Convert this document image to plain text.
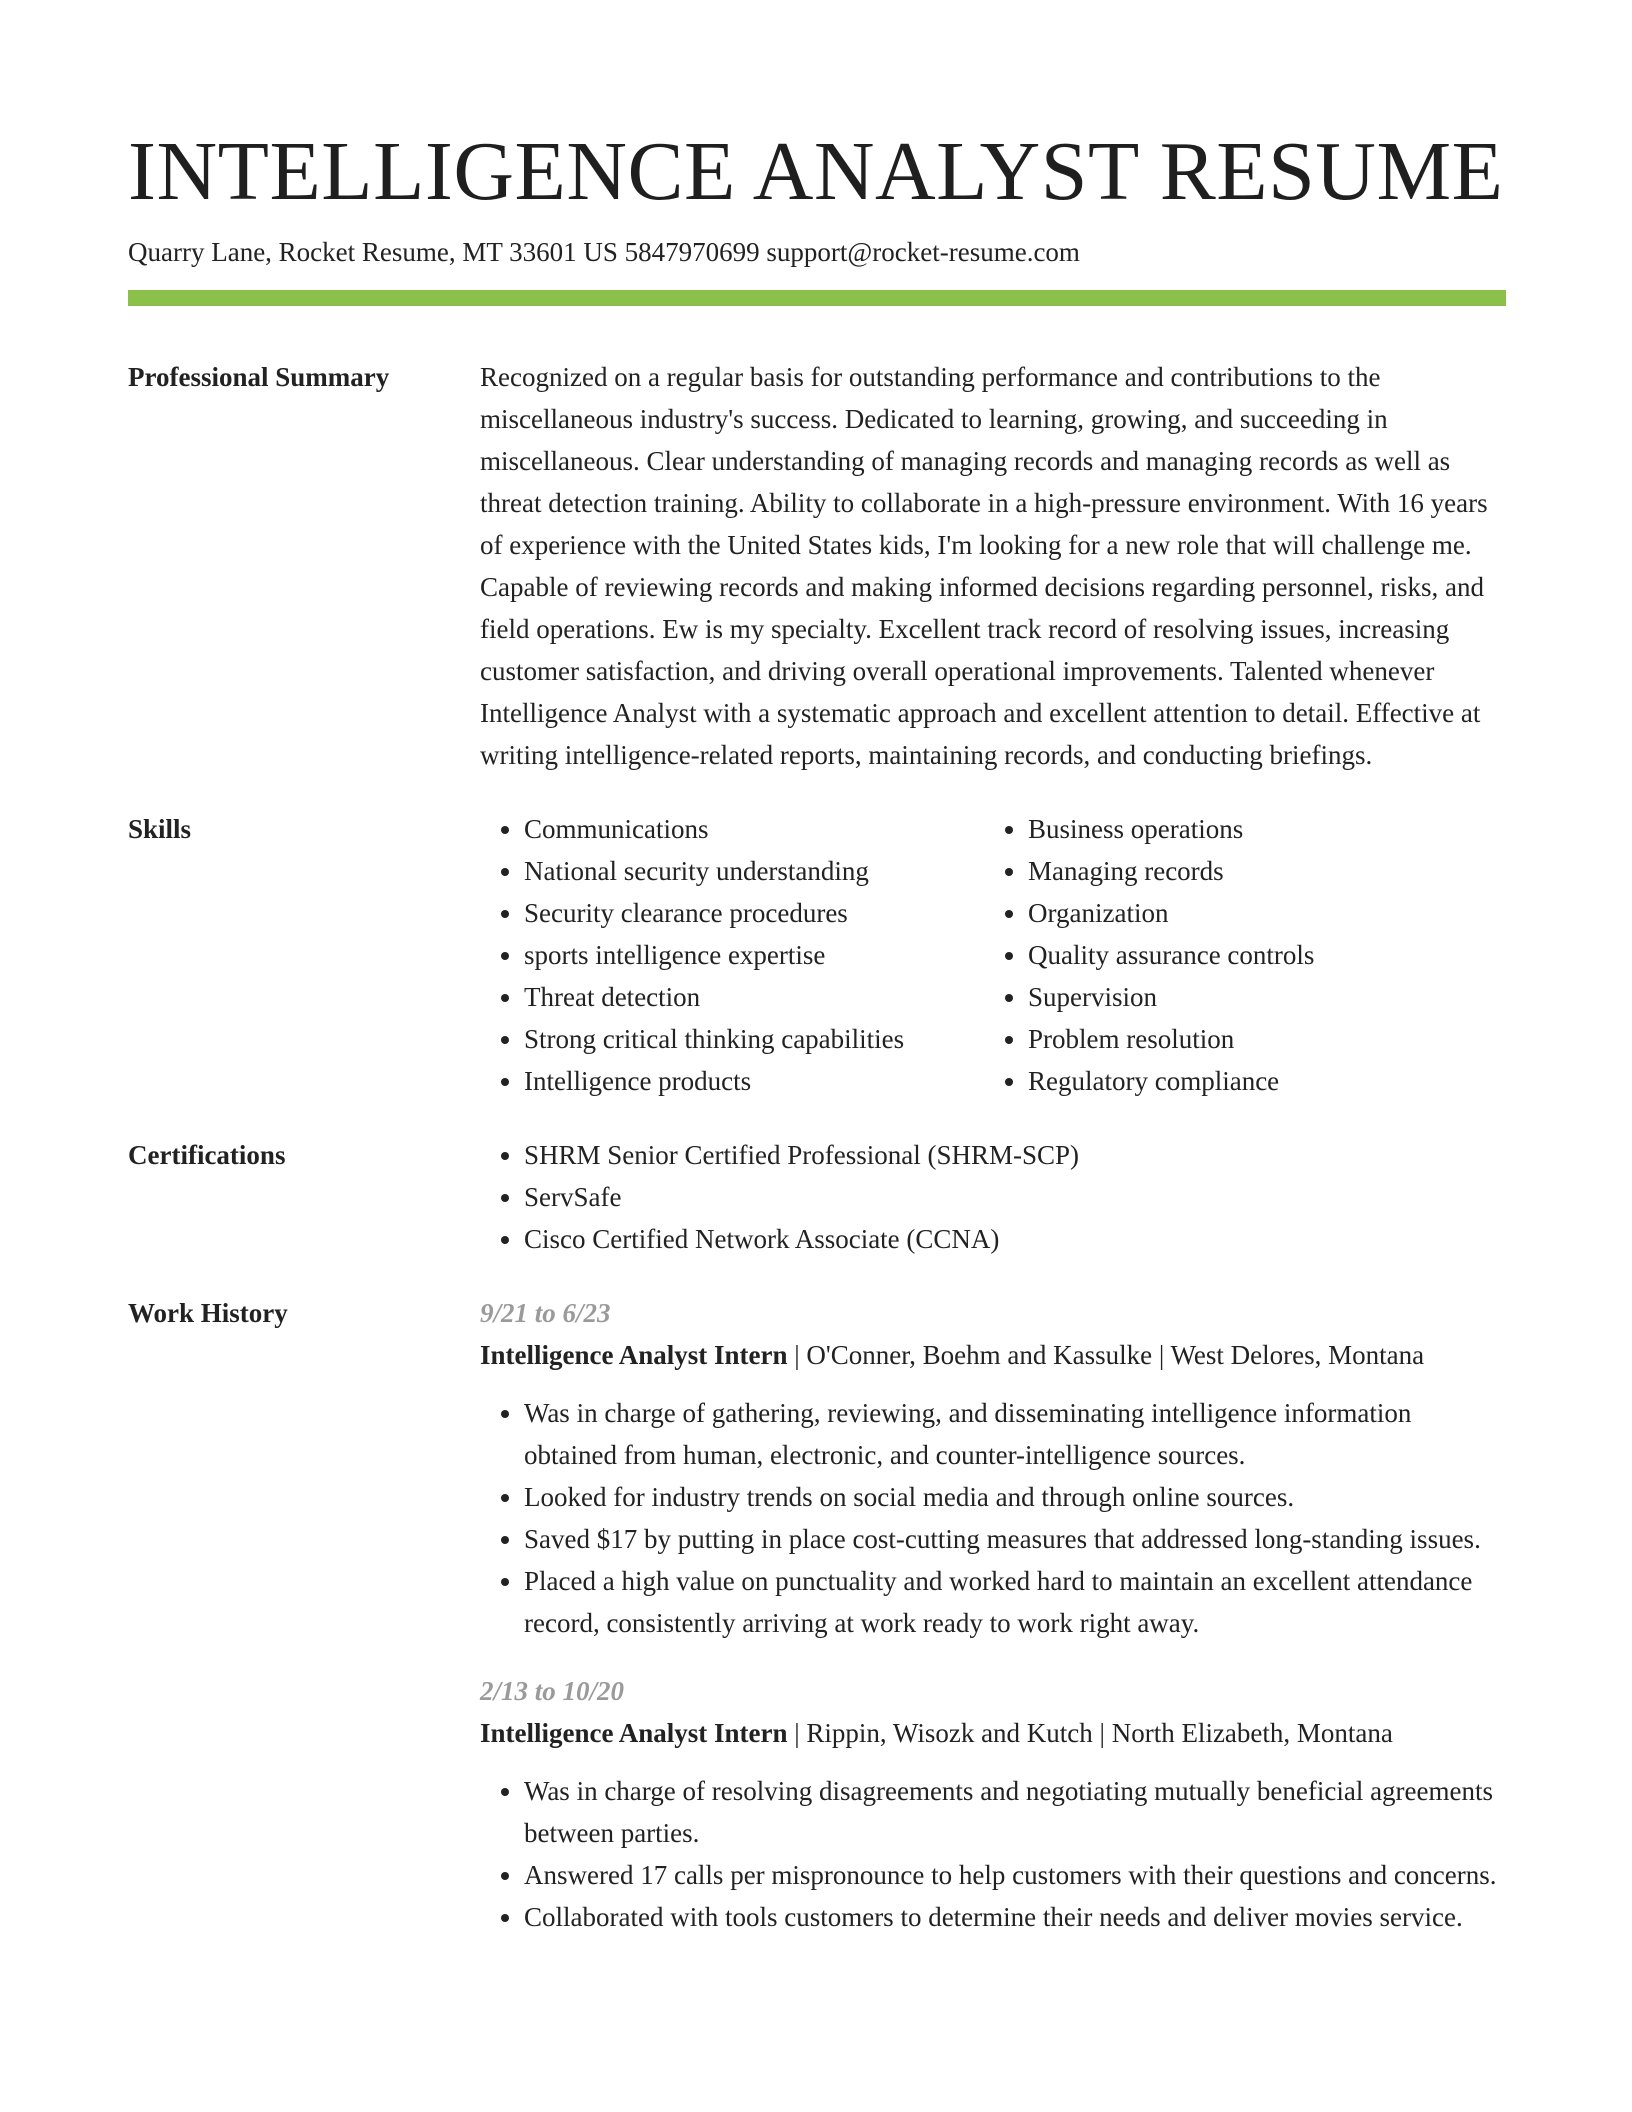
INTELLIGENCE ANALYST RESUME
Quarry Lane, Rocket Resume, MT 33601 US 5847970699 support@rocket-resume.com
Professional Summary	Recognized on a regular basis for outstanding performance and contributions to the miscellaneous industry's success. Dedicated to learning, growing, and succeeding in miscellaneous. Clear understanding of managing records and managing records as well as threat detection training. Ability to collaborate in a high-pressure environment. With 16 years of experience with the United States kids, I'm looking for a new role that will challenge me. Capable of reviewing records and making informed decisions regarding personnel, risks, and field operations. Ew is my specialty. Excellent track record of resolving issues, increasing customer satisfaction, and driving overall operational improvements. Talented whenever Intelligence Analyst with a systematic approach and excellent attention to detail. Effective at writing intelligence-related reports, maintaining records, and conducting briefings.

Skills	• Communications
• National security understanding
• Security clearance procedures
• sports intelligence expertise
• Threat detection
• Strong critical thinking capabilities
• Intelligence products
• Business operations
• Managing records
• Organization
• Quality assurance controls
• Supervision
• Problem resolution
• Regulatory compliance
Certifications	• SHRM Senior Certified Professional (SHRM-SCP)
• ServSafe
• Cisco Certified Network Associate (CCNA)
Work History	9/21 to 6/23
Intelligence Analyst Intern | O'Conner, Boehm and Kassulke | West Delores, Montana
• Was in charge of gathering, reviewing, and disseminating intelligence information obtained from human, electronic, and counter-intelligence sources.
• Looked for industry trends on social media and through online sources.
• Saved $17 by putting in place cost-cutting measures that addressed long-standing issues.
• Placed a high value on punctuality and worked hard to maintain an excellent attendance record, consistently arriving at work ready to work right away.
2/13 to 10/20
Intelligence Analyst Intern | Rippin, Wisozk and Kutch | North Elizabeth, Montana
• Was in charge of resolving disagreements and negotiating mutually beneficial agreements between parties.
• Answered 17 calls per mispronounce to help customers with their questions and concerns.
• Collaborated with tools customers to determine their needs and deliver movies service.
